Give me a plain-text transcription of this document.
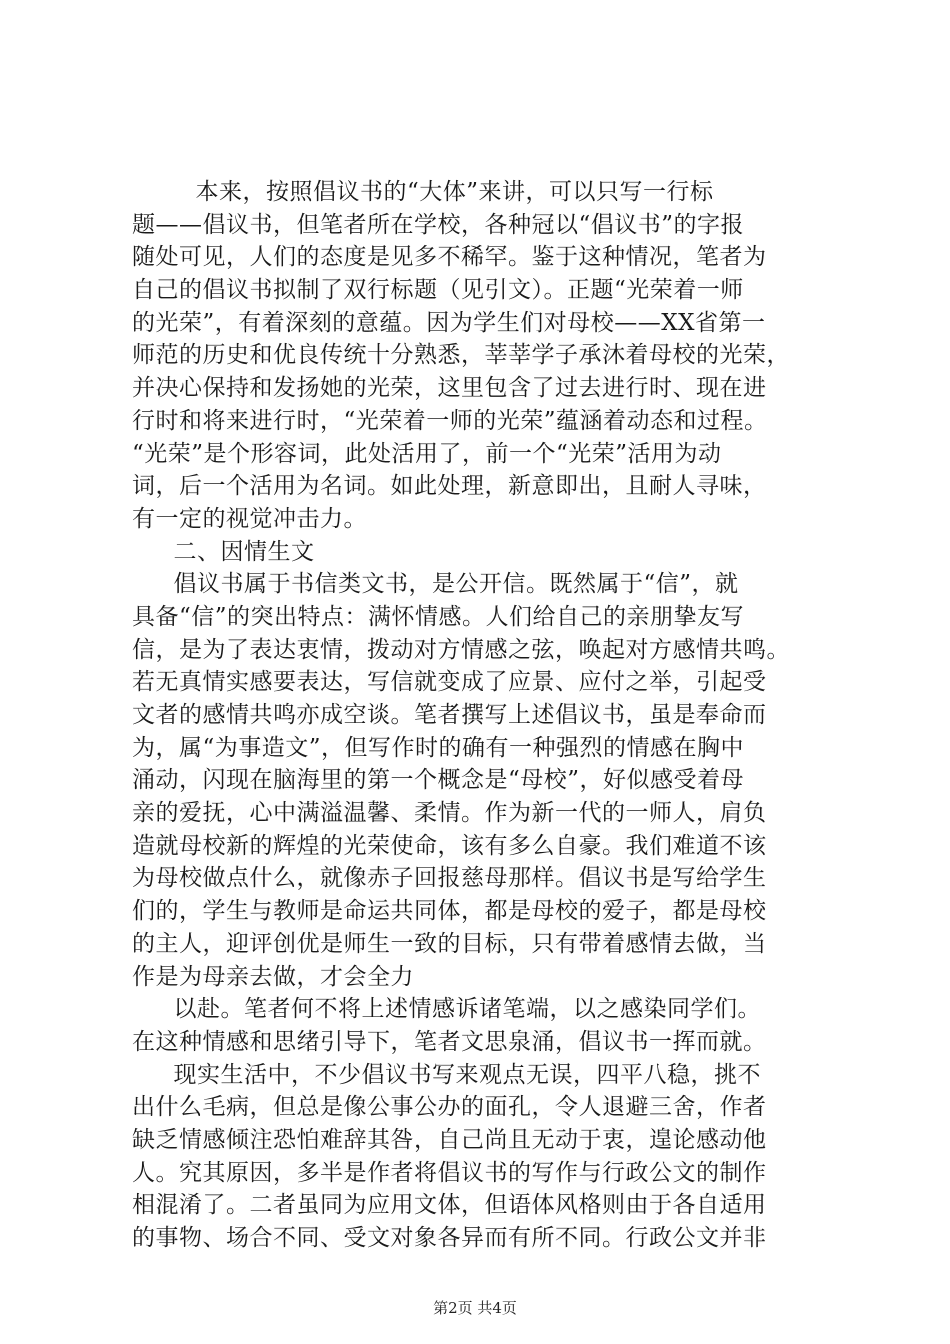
　本来，按照倡议书的“大体”来讲，可以只写一行标
题——倡议书，但笔者所在学校，各种冠以“倡议书”的字报
随处可见，人们的态度是见多不稀罕。鉴于这种情况，笔者为
自己的倡议书拟制了双行标题（见引文）。正题“光荣着一师
的光荣”，有着深刻的意蕴。因为学生们对母校——XX省第一
师范的历史和优良传统十分熟悉，莘莘学子承沐着母校的光荣，
并决心保持和发扬她的光荣，这里包含了过去进行时、现在进
行时和将来进行时，“光荣着一师的光荣”蕴涵着动态和过程。
“光荣”是个形容词，此处活用了，前一个“光荣”活用为动
词，后一个活用为名词。如此处理，新意即出，且耐人寻味，
有一定的视觉冲击力。
　二、因情生文
　倡议书属于书信类文书，是公开信。既然属于“信”，就
具备“信”的突出特点：满怀情感。人们给自己的亲朋挚友写
信，是为了表达衷情，拨动对方情感之弦，唤起对方感情共鸣。
若无真情实感要表达，写信就变成了应景、应付之举，引起受
文者的感情共鸣亦成空谈。笔者撰写上述倡议书，虽是奉命而
为，属“为事造文”，但写作时的确有一种强烈的情感在胸中
涌动，闪现在脑海里的第一个概念是“母校”，好似感受着母
亲的爱抚，心中满溢温馨、柔情。作为新一代的一师人，肩负
造就母校新的辉煌的光荣使命，该有多么自豪。我们难道不该
为母校做点什么，就像赤子回报慈母那样。倡议书是写给学生
们的，学生与教师是命运共同体，都是母校的爱子，都是母校
的主人，迎评创优是师生一致的目标，只有带着感情去做，当
作是为母亲去做，才会全力
　以赴。笔者何不将上述情感诉诸笔端，以之感染同学们。
在这种情感和思绪引导下，笔者文思泉涌，倡议书一挥而就。
　现实生活中，不少倡议书写来观点无误，四平八稳，挑不
出什么毛病，但总是像公事公办的面孔，令人退避三舍，作者
缺乏情感倾注恐怕难辞其咎，自己尚且无动于衷，遑论感动他
人。究其原因，多半是作者将倡议书的写作与行政公文的制作
相混淆了。二者虽同为应用文体，但语体风格则由于各自适用
的事物、场合不同、受文对象各异而有所不同。行政公文并非
第2页 共4页
